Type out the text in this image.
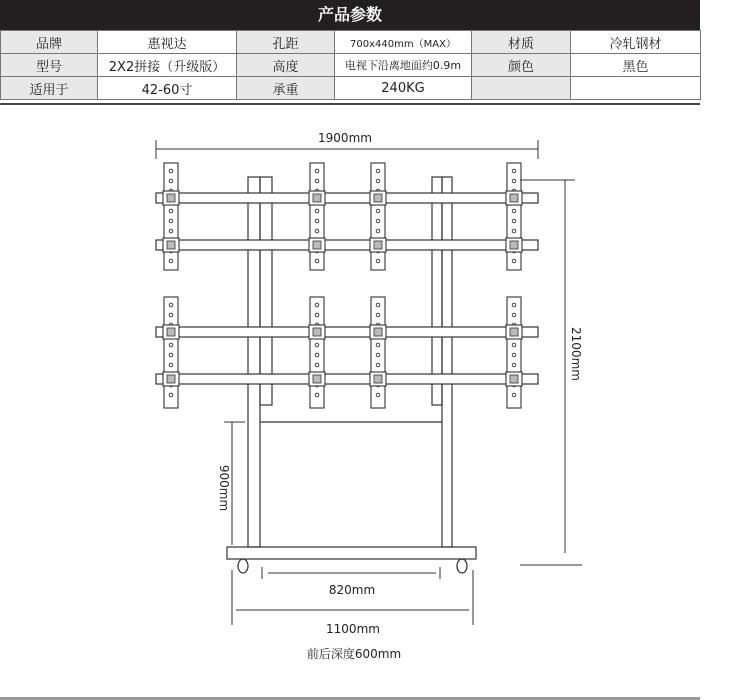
产品参数
品牌	惠视达	孔距	700x440mm（MAX）	材质	冷轧钢材
型号	2X2拼接（升级版）	高度	电视下沿离地面约0.9m	颜色	黑色
适用于	42-60寸	承重	240KG		
1900mm
2100mm
900mm
820mm
1100mm
前后深度600mm
